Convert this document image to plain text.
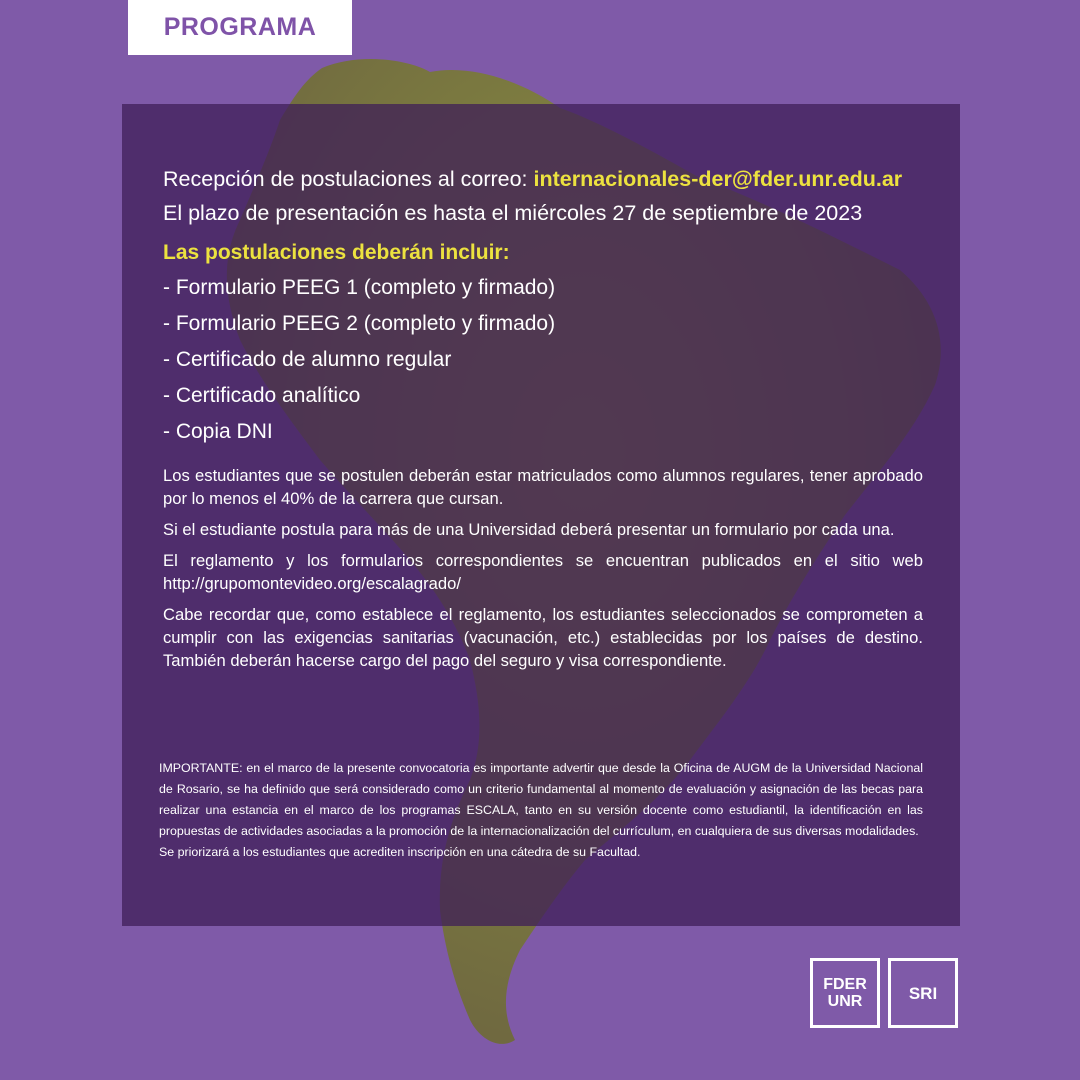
PROGRAMA
Recepción de postulaciones al correo: internacionales-der@fder.unr.edu.ar
El plazo de presentación es hasta el miércoles 27 de septiembre de 2023
Las postulaciones deberán incluir:
- Formulario PEEG 1 (completo y firmado)
- Formulario PEEG 2 (completo y firmado)
- Certificado de alumno regular
- Certificado analítico
- Copia DNI
Los estudiantes que se postulen deberán estar matriculados como alumnos regulares, tener aprobado por lo menos el 40% de la carrera que cursan.
Si el estudiante postula para más de una Universidad deberá presentar un formulario por cada una.
El reglamento y los formularios correspondientes se encuentran publicados en el sitio web http://grupomontevideo.org/escalagrado/
Cabe recordar que, como establece el reglamento, los estudiantes seleccionados se comprometen a cumplir con las exigencias sanitarias (vacunación, etc.) establecidas por los países de destino. También deberán hacerse cargo del pago del seguro y visa correspondiente.
IMPORTANTE: en el marco de la presente convocatoria es importante advertir que desde la Oficina de AUGM de la Universidad Nacional de Rosario, se ha definido que será considerado como un criterio fundamental al momento de evaluación y asignación de las becas para realizar una estancia en el marco de los programas ESCALA, tanto en su versión docente como estudiantil, la identificación en las propuestas de actividades asociadas a la promoción de la internacionalización del currículum, en cualquiera de sus diversas modalidades.
Se priorizará a los estudiantes que acrediten inscripción en una cátedra de su Facultad.
FDER
UNR	SRI
